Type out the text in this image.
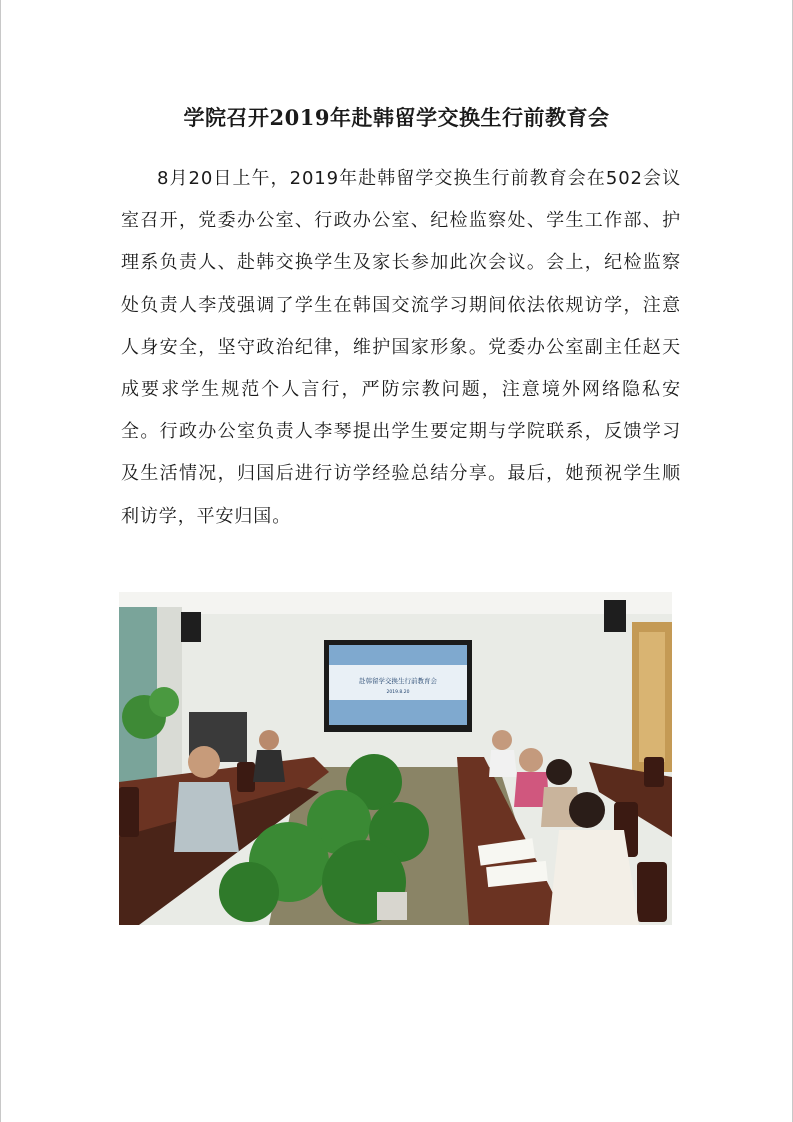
学院召开2019年赴韩留学交换生行前教育会
8月20日上午，2019年赴韩留学交换生行前教育会在502会议室召开，党委办公室、行政办公室、纪检监察处、学生工作部、护理系负责人、赴韩交换学生及家长参加此次会议。会上，纪检监察处负责人李茂强调了学生在韩国交流学习期间依法依规访学，注意人身安全，坚守政治纪律，维护国家形象。党委办公室副主任赵天成要求学生规范个人言行，严防宗教问题，注意境外网络隐私安全。行政办公室负责人李琴提出学生要定期与学院联系，反馈学习及生活情况，归国后进行访学经验总结分享。最后，她预祝学生顺利访学，平安归国。
赴韩留学交换生行前教育会
2019.8.20
